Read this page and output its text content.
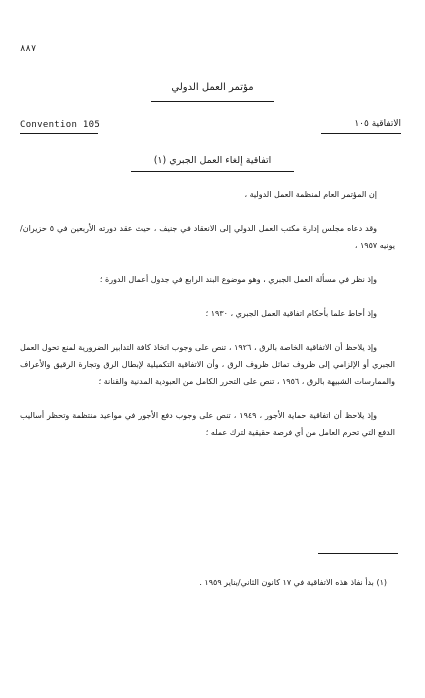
٨٨٧
مؤتمر العمل الدولي
Convention 105	الاتفاقية ١٠٥
اتفاقية إلغاء العمل الجبري (١)

إن المؤتمر العام لمنظمة العمل الدولية ،

وقد دعاه مجلس إدارة مكتب العمل الدولي إلى الانعقاد في جنيف ، حيث عقد دورته الأربعين في ٥ حزيران/يونيه ١٩٥٧ ،

وإذ نظر في مسألة العمل الجبري ، وهو موضوع البند الرابع في جدول أعمال الدورة ؛

وإذ أحاط علما بأحكام اتفاقية العمل الجبري ، ١٩٣٠ ؛

وإذ يلاحظ أن الاتفاقية الخاصة بالرق ، ١٩٢٦ ، تنص على وجوب اتخاذ كافة التدابير الضرورية لمنع تحول العمل الجبري أو الإلزامي إلى ظروف تماثل ظروف الرق ، وأن الاتفاقية التكميلية لإبطال الرق وتجارة الرقيق والأعراف والممارسات الشبيهة بالرق ، ١٩٥٦ ، تنص على التحرر الكامل من العبودية المدنية والقنانة ؛

وإذ يلاحظ أن اتفاقية حماية الأجور ، ١٩٤٩ ، تنص على وجوب دفع الأجور في مواعيد منتظمة وتحظر أساليب الدفع التي تحرم العامل من أي فرصة حقيقية لترك عمله ؛

(١) بدأ نفاذ هذه الاتفاقية في ١٧ كانون الثاني/يناير ١٩٥٩ .
